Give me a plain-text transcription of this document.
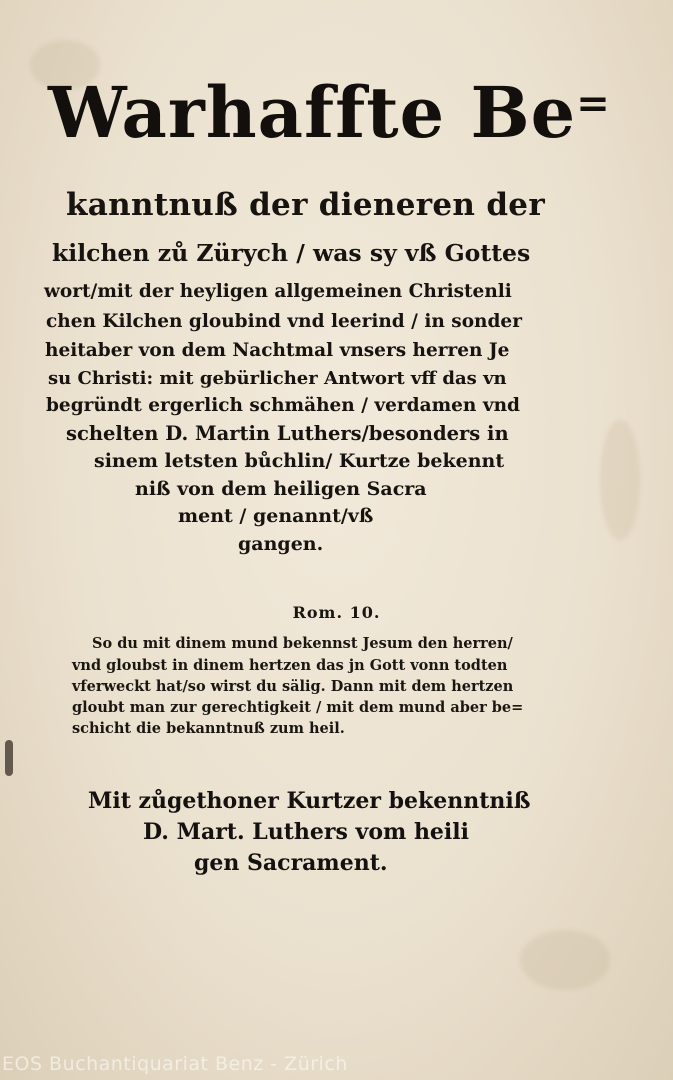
Warhaffte Be=
kanntnuß der dieneren der
kilchen zů Zürych / was sy vß Gottes
wort/mit der heyligen allgemeinen Christenli
chen Kilchen gloubind vnd leerind / in sonder
heitaber von dem Nachtmal vnsers herren Je
su Christi: mit gebürlicher Antwort vff das vn
begründt ergerlich schmähen / verdamen vnd
schelten D. Martin Luthers/besonders in
sinem letsten bůchlin/ Kurtze bekennt
niß von dem heiligen Sacra
ment / genannt/vß
gangen.
Rom. 10.
So du mit dinem mund bekennst Jesum den herren/
vnd gloubst in dinem hertzen das jn Gott vonn todten
vferweckt hat/so wirst du sälig. Dann mit dem hertzen
gloubt man zur gerechtigkeit / mit dem mund aber be=
schicht die bekanntnuß zum heil.
Mit zůgethoner Kurtzer bekenntniß
D. Mart. Luthers vom heili
gen Sacrament.
EOS Buchantiquariat Benz - Zürich
